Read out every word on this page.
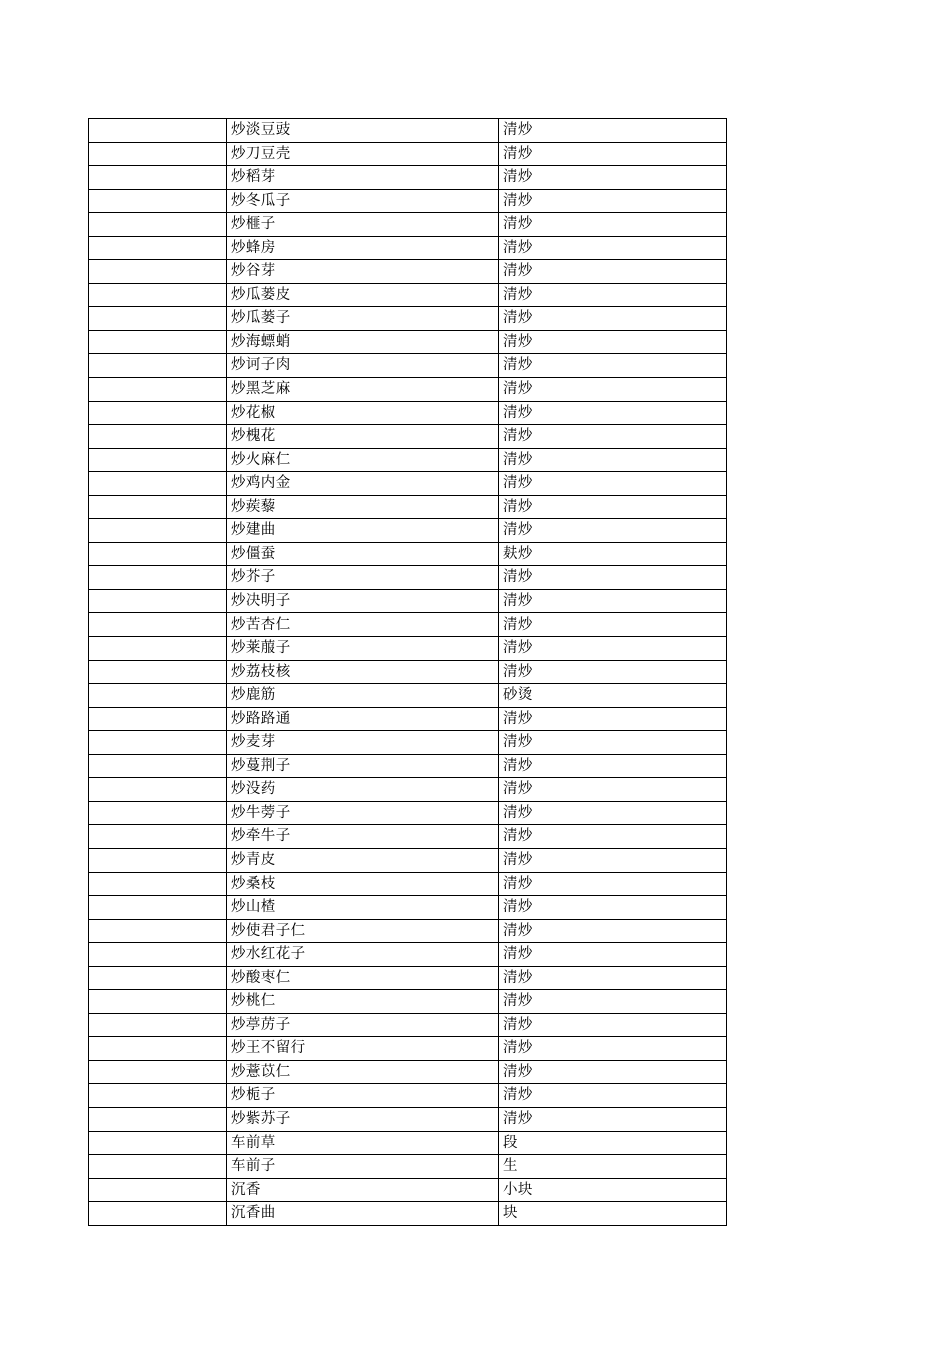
	炒淡豆豉	清炒
	炒刀豆壳	清炒
	炒稻芽	清炒
	炒冬瓜子	清炒
	炒榧子	清炒
	炒蜂房	清炒
	炒谷芽	清炒
	炒瓜蒌皮	清炒
	炒瓜蒌子	清炒
	炒海螵蛸	清炒
	炒诃子肉	清炒
	炒黑芝麻	清炒
	炒花椒	清炒
	炒槐花	清炒
	炒火麻仁	清炒
	炒鸡内金	清炒
	炒蒺藜	清炒
	炒建曲	清炒
	炒僵蚕	麸炒
	炒芥子	清炒
	炒决明子	清炒
	炒苦杏仁	清炒
	炒莱菔子	清炒
	炒荔枝核	清炒
	炒鹿筋	砂烫
	炒路路通	清炒
	炒麦芽	清炒
	炒蔓荆子	清炒
	炒没药	清炒
	炒牛蒡子	清炒
	炒牵牛子	清炒
	炒青皮	清炒
	炒桑枝	清炒
	炒山楂	清炒
	炒使君子仁	清炒
	炒水红花子	清炒
	炒酸枣仁	清炒
	炒桃仁	清炒
	炒葶苈子	清炒
	炒王不留行	清炒
	炒薏苡仁	清炒
	炒栀子	清炒
	炒紫苏子	清炒
	车前草	段
	车前子	生
	沉香	小块
	沉香曲	块
